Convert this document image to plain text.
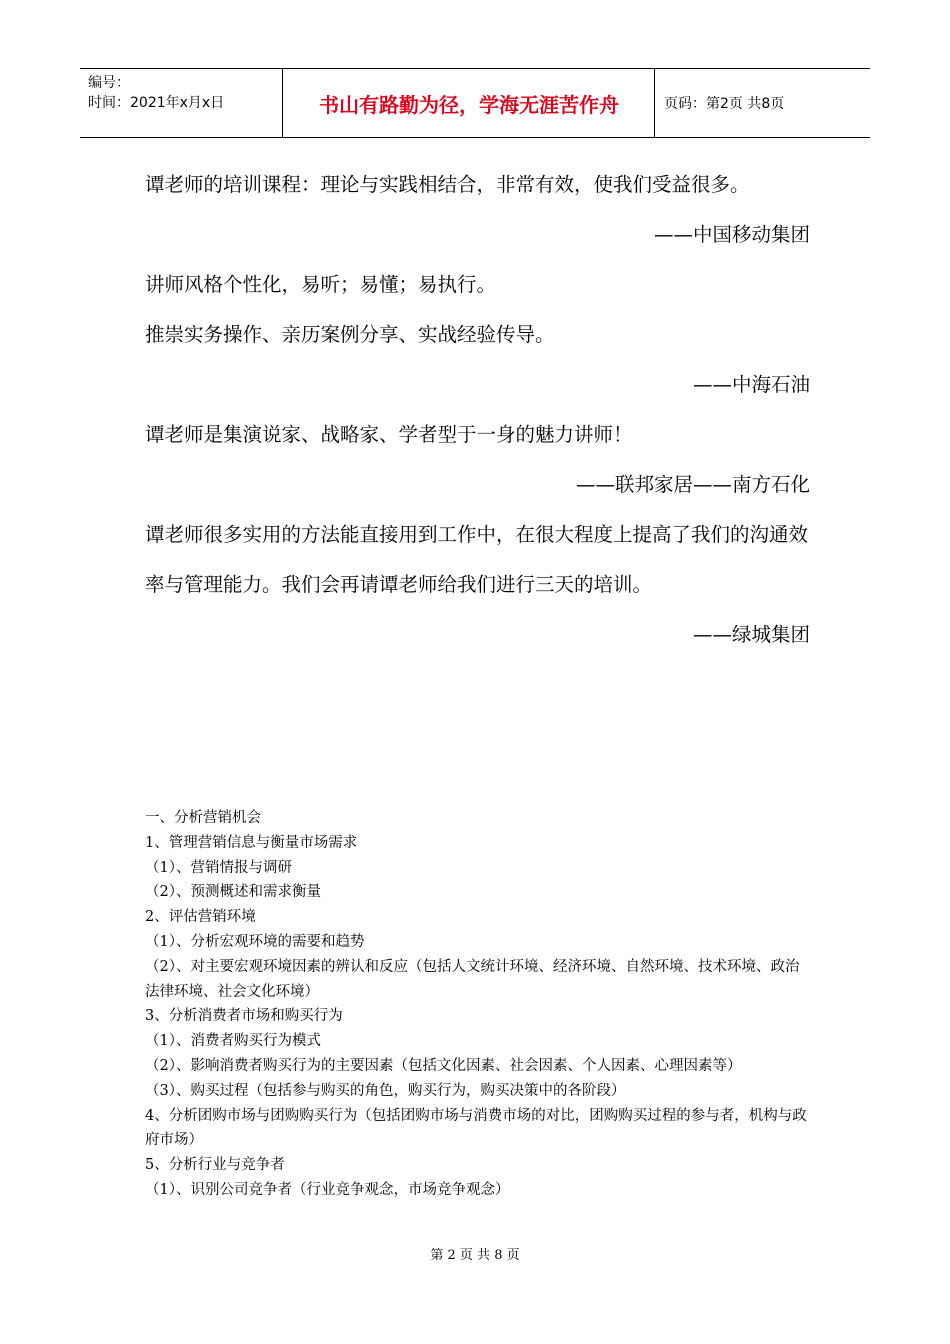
编号：
时间：2021年x月x日	书山有路勤为径，学海无涯苦作舟	页码：第2页 共8页

谭老师的培训课程：理论与实践相结合，非常有效，使我们受益很多。

——中国移动集团

讲师风格个性化，易听；易懂；易执行。

推崇实务操作、亲历案例分享、实战经验传导。

——中海石油

谭老师是集演说家、战略家、学者型于一身的魅力讲师！

——联邦家居——南方石化

谭老师很多实用的方法能直接用到工作中，在很大程度上提高了我们的沟通效率与管理能力。我们会再请谭老师给我们进行三天的培训。

——绿城集团

一、分析营销机会

1、管理营销信息与衡量市场需求

（1）、营销情报与调研

（2）、预测概述和需求衡量

2、评估营销环境

（1）、分析宏观环境的需要和趋势

（2）、对主要宏观环境因素的辨认和反应（包括人文统计环境、经济环境、自然环境、技术环境、政治法律环境、社会文化环境）

3、分析消费者市场和购买行为

（1）、消费者购买行为模式

（2）、影响消费者购买行为的主要因素（包括文化因素、社会因素、个人因素、心理因素等）

（3）、购买过程（包括参与购买的角色，购买行为，购买决策中的各阶段）

4、分析团购市场与团购购买行为（包括团购市场与消费市场的对比，团购购买过程的参与者，机构与政府市场）

5、分析行业与竞争者

（1）、识别公司竞争者（行业竞争观念，市场竞争观念）

第 2 页 共 8 页
